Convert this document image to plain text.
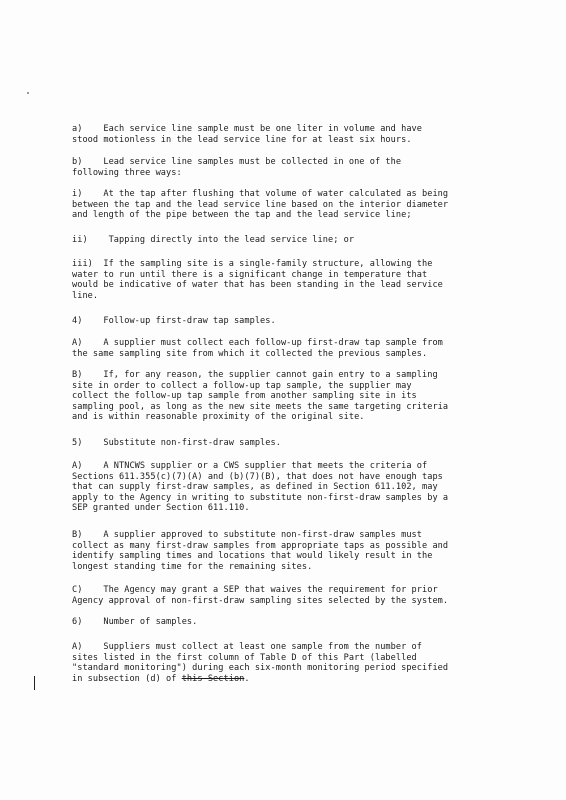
a)    Each service line sample must be one liter in volume and have
stood motionless in the lead service line for at least six hours.

b)    Lead service line samples must be collected in one of the
following three ways:

i)    At the tap after flushing that volume of water calculated as being
between the tap and the lead service line based on the interior diameter
and length of the pipe between the tap and the lead service line;

ii)    Tapping directly into the lead service line; or

iii)  If the sampling site is a single-family structure, allowing the
water to run until there is a significant change in temperature that
would be indicative of water that has been standing in the lead service
line.

4)    Follow-up first-draw tap samples.

A)    A supplier must collect each follow-up first-draw tap sample from
the same sampling site from which it collected the previous samples.

B)    If, for any reason, the supplier cannot gain entry to a sampling
site in order to collect a follow-up tap sample, the supplier may
collect the follow-up tap sample from another sampling site in its
sampling pool, as long as the new site meets the same targeting criteria
and is within reasonable proximity of the original site.

5)    Substitute non-first-draw samples.

A)    A NTNCWS supplier or a CWS supplier that meets the criteria of
Sections 611.355(c)(7)(A) and (b)(7)(B), that does not have enough taps
that can supply first-draw samples, as defined in Section 611.102, may
apply to the Agency in writing to substitute non-first-draw samples by a
SEP granted under Section 611.110.

B)    A supplier approved to substitute non-first-draw samples must
collect as many first-draw samples from appropriate taps as possible and
identify sampling times and locations that would likely result in the
longest standing time for the remaining sites.

C)    The Agency may grant a SEP that waives the requirement for prior
Agency approval of non-first-draw sampling sites selected by the system.

6)    Number of samples.

A)    Suppliers must collect at least one sample from the number of
sites listed in the first column of Table D of this Part (labelled
"standard monitoring") during each six-month monitoring period specified
in subsection (d) of this Section.
